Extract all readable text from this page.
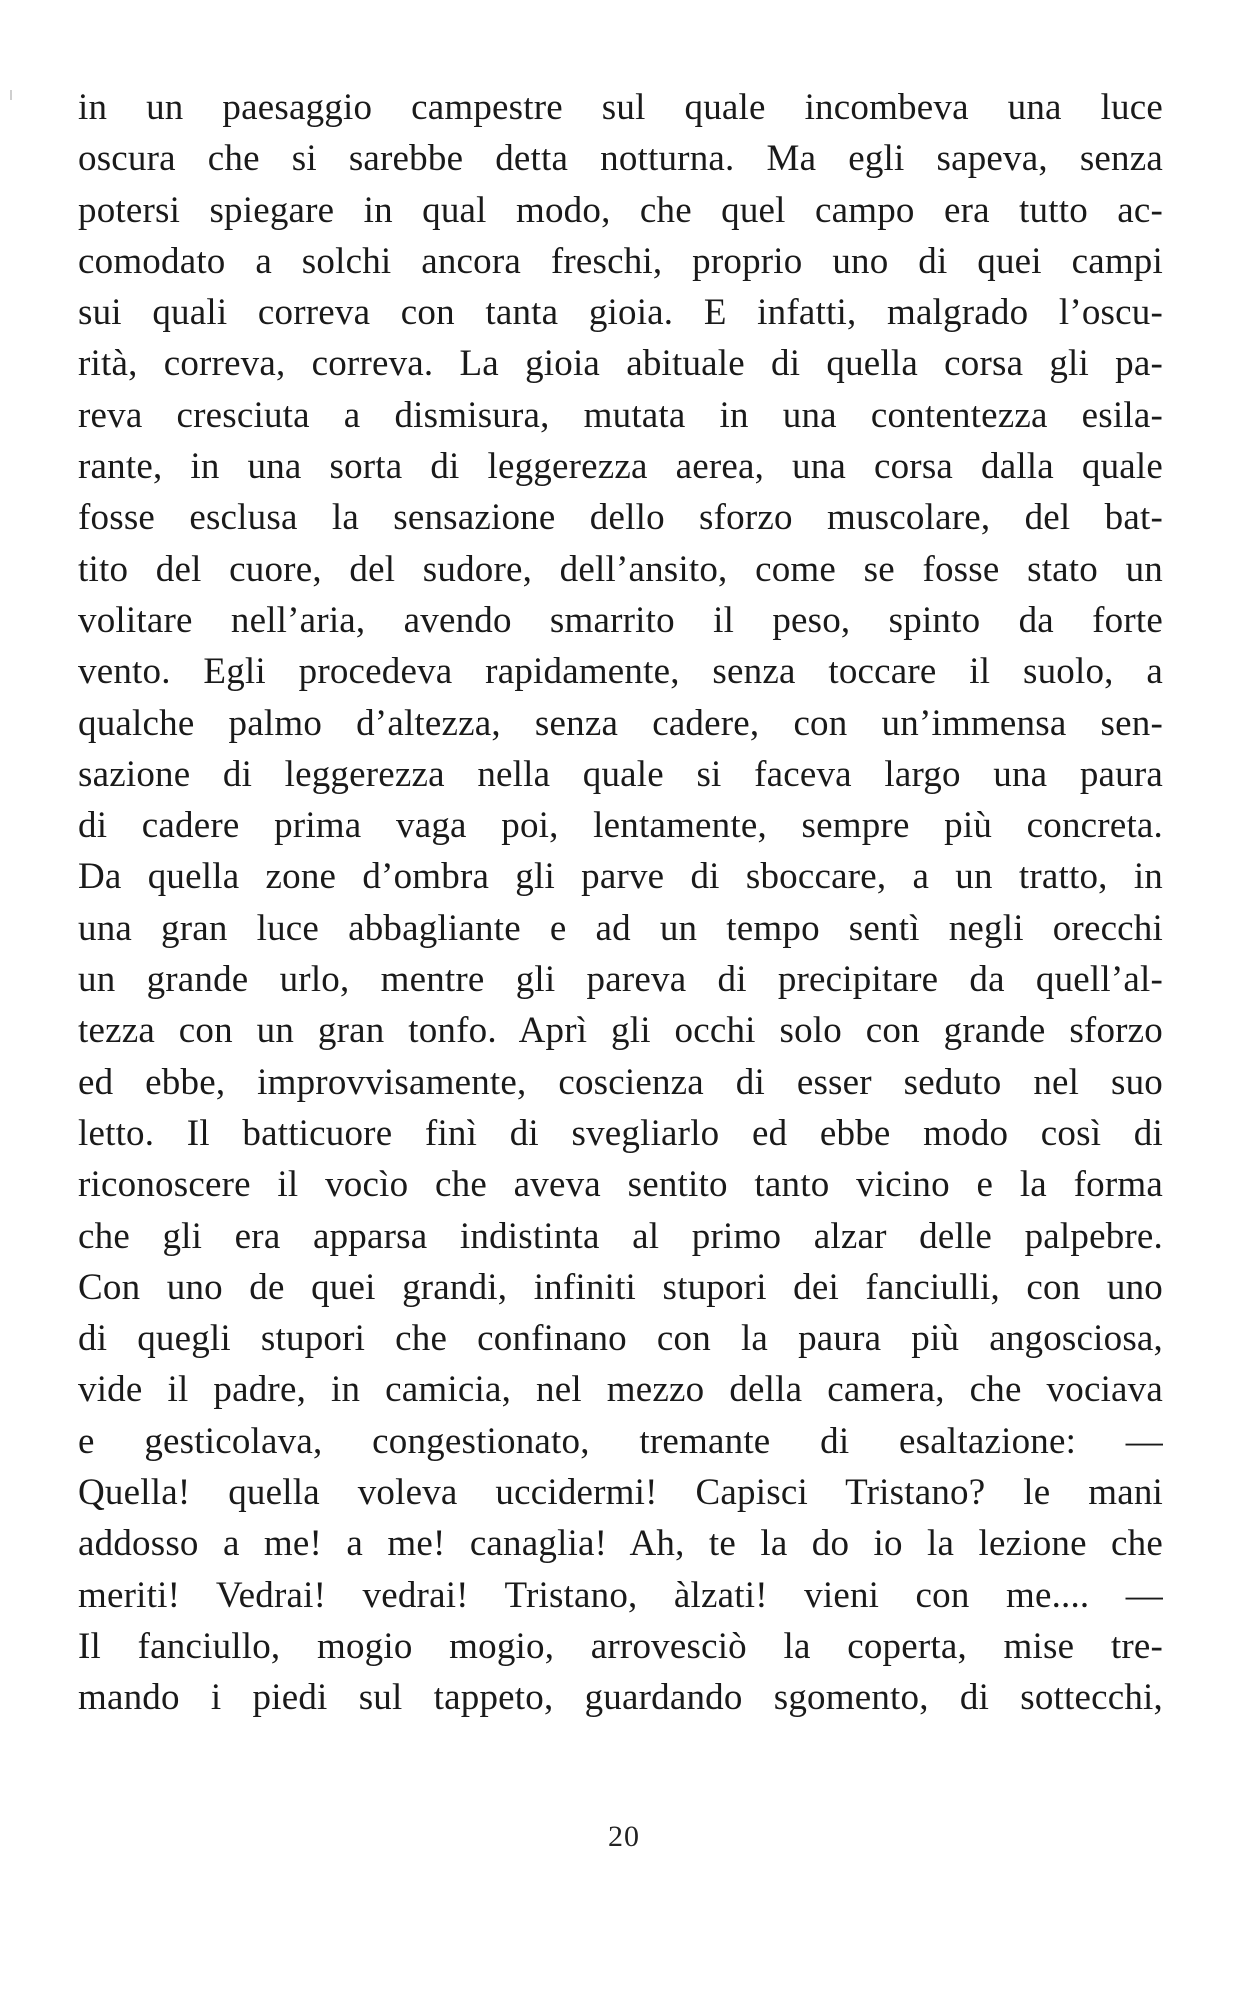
in un paesaggio campestre sul quale incombeva una luce
oscura che si sarebbe detta notturna. Ma egli sapeva, senza
potersi spiegare in qual modo, che quel campo era tutto ac-
comodato a solchi ancora freschi, proprio uno di quei campi
sui quali correva con tanta gioia. E infatti, malgrado l’oscu-
rità, correva, correva. La gioia abituale di quella corsa gli pa-
reva cresciuta a dismisura, mutata in una contentezza esila-
rante, in una sorta di leggerezza aerea, una corsa dalla quale
fosse esclusa la sensazione dello sforzo muscolare, del bat-
tito del cuore, del sudore, dell’ansito, come se fosse stato un
volitare nell’aria, avendo smarrito il peso, spinto da forte
vento. Egli procedeva rapidamente, senza toccare il suolo, a
qualche palmo d’altezza, senza cadere, con un’immensa sen-
sazione di leggerezza nella quale si faceva largo una paura
di cadere prima vaga poi, lentamente, sempre più concreta.
Da quella zone d’ombra gli parve di sboccare, a un tratto, in
una gran luce abbagliante e ad un tempo sentì negli orecchi
un grande urlo, mentre gli pareva di precipitare da quell’al-
tezza con un gran tonfo. Aprì gli occhi solo con grande sforzo
ed ebbe, improvvisamente, coscienza di esser seduto nel suo
letto. Il batticuore finì di svegliarlo ed ebbe modo così di
riconoscere il vocìo che aveva sentito tanto vicino e la forma
che gli era apparsa indistinta al primo alzar delle palpebre.
Con uno de quei grandi, infiniti stupori dei fanciulli, con uno
di quegli stupori che confinano con la paura più angosciosa,
vide il padre, in camicia, nel mezzo della camera, che vociava
e gesticolava, congestionato, tremante di esaltazione: —
Quella! quella voleva uccidermi! Capisci Tristano? le mani
addosso a me! a me! canaglia! Ah, te la do io la lezione che
meriti! Vedrai! vedrai! Tristano, àlzati! vieni con me.... —
Il fanciullo, mogio mogio, arrovesciò la coperta, mise tre-
mando i piedi sul tappeto, guardando sgomento, di sottecchi,
20
